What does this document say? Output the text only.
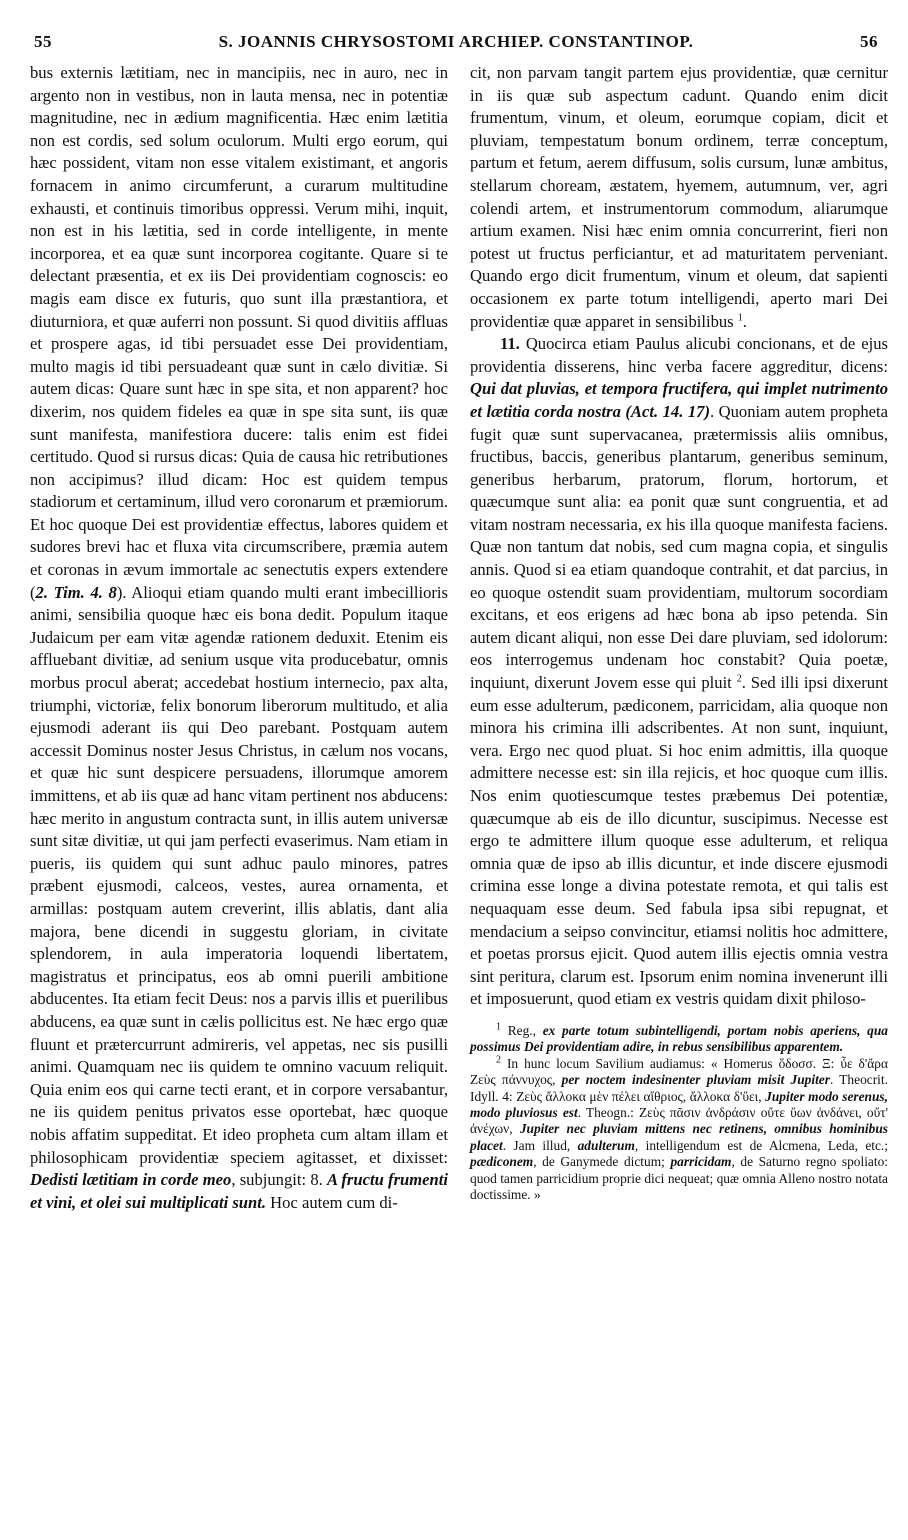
55	S. JOANNIS CHRYSOSTOMI ARCHIEP. CONSTANTINOP.	56

bus externis lætitiam, nec in mancipiis, nec in auro, nec in argento non in vestibus, non in lauta mensa, nec in potentiæ magnitudine, nec in ædium magnificentia. Hæc enim lætitia non est cordis, sed solum oculorum. Multi ergo eorum, qui hæc possident, vitam non esse vitalem existimant, et angoris fornacem in animo circumferunt, a curarum multitudine exhausti, et continuis timoribus oppressi. Verum mihi, inquit, non est in his lætitia, sed in corde intelligente, in mente incorporea, et ea quæ sunt incorporea cogitante. Quare si te delectant præsentia, et ex iis Dei providentiam cognoscis: eo magis eam disce ex futuris, quo sunt illa præstantiora, et diuturniora, et quæ auferri non possunt. Si quod divitiis affluas et prospere agas, id tibi persuadet esse Dei providentiam, multo magis id tibi persuadeant quæ sunt in cælo divitiæ. Si autem dicas: Quare sunt hæc in spe sita, et non apparent? hoc dixerim, nos quidem fideles ea quæ in spe sita sunt, iis quæ sunt manifesta, manifestiora ducere: talis enim est fidei certitudo. Quod si rursus dicas: Quia de causa hic retributiones non accipimus? illud dicam: Hoc est quidem tempus stadiorum et certaminum, illud vero coronarum et præmiorum. Et hoc quoque Dei est providentiæ effectus, labores quidem et sudores brevi hac et fluxa vita circumscribere, præmia autem et coronas in ævum immortale ac senectutis expers extendere (2. Tim. 4. 8). Alioqui etiam quando multi erant imbecillioris animi, sensibilia quoque hæc eis bona dedit. Populum itaque Judaicum per eam vitæ agendæ rationem deduxit. Etenim eis affluebant divitiæ, ad senium usque vita producebatur, omnis morbus procul aberat; accedebat hostium internecio, pax alta, triumphi, victoriæ, felix bonorum liberorum multitudo, et alia ejusmodi aderant iis qui Deo parebant. Postquam autem accessit Dominus noster Jesus Christus, in cælum nos vocans, et quæ hic sunt despicere persuadens, illorumque amorem immittens, et ab iis quæ ad hanc vitam pertinent nos abducens: hæc merito in angustum contracta sunt, in illis autem universæ sunt sitæ divitiæ, ut qui jam perfecti evaserimus. Nam etiam in pueris, iis quidem qui sunt adhuc paulo minores, patres præbent ejusmodi, calceos, vestes, aurea ornamenta, et armillas: postquam autem creverint, illis ablatis, dant alia majora, bene dicendi in suggestu gloriam, in civitate splendorem, in aula imperatoria loquendi libertatem, magistratus et principatus, eos ab omni puerili ambitione abducentes. Ita etiam fecit Deus: nos a parvis illis et puerilibus abducens, ea quæ sunt in cælis pollicitus est. Ne hæc ergo quæ fluunt et prætercurrunt admireris, vel appetas, nec sis pusilli animi. Quamquam nec iis quidem te omnino vacuum reliquit. Quia enim eos qui carne tecti erant, et in corpore versabantur, ne iis quidem penitus privatos esse oportebat, hæc quoque nobis affatim suppeditat. Et ideo propheta cum altam illam et philosophicam providentiæ speciem agitasset, et dixisset: Dedisti lætitiam in corde meo, subjungit: 8. A fructu frumenti et vini, et olei sui multiplicati sunt. Hoc autem cum di-

cit, non parvam tangit partem ejus providentiæ, quæ cernitur in iis quæ sub aspectum cadunt. Quando enim dicit frumentum, vinum, et oleum, eorumque copiam, dicit et pluviam, tempestatum bonum ordinem, terræ conceptum, partum et fetum, aerem diffusum, solis cursum, lunæ ambitus, stellarum choream, æstatem, hyemem, autumnum, ver, agri colendi artem, et instrumentorum commodum, aliarumque artium examen. Nisi hæc enim omnia concurrerint, fieri non potest ut fructus perficiantur, et ad maturitatem perveniant. Quando ergo dicit frumentum, vinum et oleum, dat sapienti occasionem ex parte totum intelligendi, aperto mari Dei providentiæ quæ apparet in sensibilibus $^1$.

11. Quocirca etiam Paulus alicubi concionans, et de ejus providentia disserens, hinc verba facere aggreditur, dicens: Qui dat pluvias, et tempora fructifera, qui implet nutrimento et lætitia corda nostra (Act. 14. 17). Quoniam autem propheta fugit quæ sunt supervacanea, prætermissis aliis omnibus, fructibus, baccis, generibus plantarum, generibus seminum, generibus herbarum, pratorum, florum, hortorum, et quæcumque sunt alia: ea ponit quæ sunt congruentia, et ad vitam nostram necessaria, ex his illa quoque manifesta faciens. Quæ non tantum dat nobis, sed cum magna copia, et singulis annis. Quod si ea etiam quandoque contrahit, et dat parcius, in eo quoque ostendit suam providentiam, multorum socordiam excitans, et eos erigens ad hæc bona ab ipso petenda. Sin autem dicant aliqui, non esse Dei dare pluviam, sed idolorum: eos interrogemus undenam hoc constabit? Quia poetæ, inquiunt, dixerunt Jovem esse qui pluit $^2$. Sed illi ipsi dixerunt eum esse adulterum, pædiconem, parricidam, alia quoque non minora his crimina illi adscribentes. At non sunt, inquiunt, vera. Ergo nec quod pluat. Si hoc enim admittis, illa quoque admittere necesse est: sin illa rejicis, et hoc quoque cum illis. Nos enim quotiescumque testes præbemus Dei potentiæ, quæcumque ab eis de illo dicuntur, suscipimus. Necesse est ergo te admittere illum quoque esse adulterum, et reliqua omnia quæ de ipso ab illis dicuntur, et inde discere ejusmodi crimina esse longe a divina potestate remota, et qui talis est nequaquam esse deum. Sed fabula ipsa sibi repugnat, et mendacium a seipso convincitur, etiamsi nolitis hoc admittere, et poetas prorsus ejicit. Quod autem illis ejectis omnia vestra sint peritura, clarum est. Ipsorum enim nomina invenerunt illi et imposuerunt, quod etiam ex vestris quidam dixit philoso-

$^1$ Reg., ex parte totum subintelligendi, portam nobis aperiens, qua possimus Dei providentiam adire, in rebus sensibilibus apparentem.

$^2$ In hunc locum Savilium audiamus: « Homerus ὅδοσσ. Ξ: ὖε δ'ἄρα Ζεὺς πάννυχος, per noctem indesinenter pluviam misit Jupiter. Theocrit. Idyll. 4: Ζεὺς ἄλλοκα μὲν πέλει αἴθριος, ἄλλοκα δ'ὕει, Jupiter modo serenus, modo pluviosus est. Theogn.: Ζεὺς πᾶσιν ἀνδράσιν οὔτε ὕων ἁνδάνει, οὔτ' ἀνέχων, Jupiter nec pluviam mittens nec retinens, omnibus hominibus placet. Jam illud, adulterum, intelligendum est de Alcmena, Leda, etc.; pædiconem, de Ganymede dictum; parricidam, de Saturno regno spoliato: quod tamen parricidium proprie dici nequeat; quæ omnia Alleno nostro notata doctissime. »
